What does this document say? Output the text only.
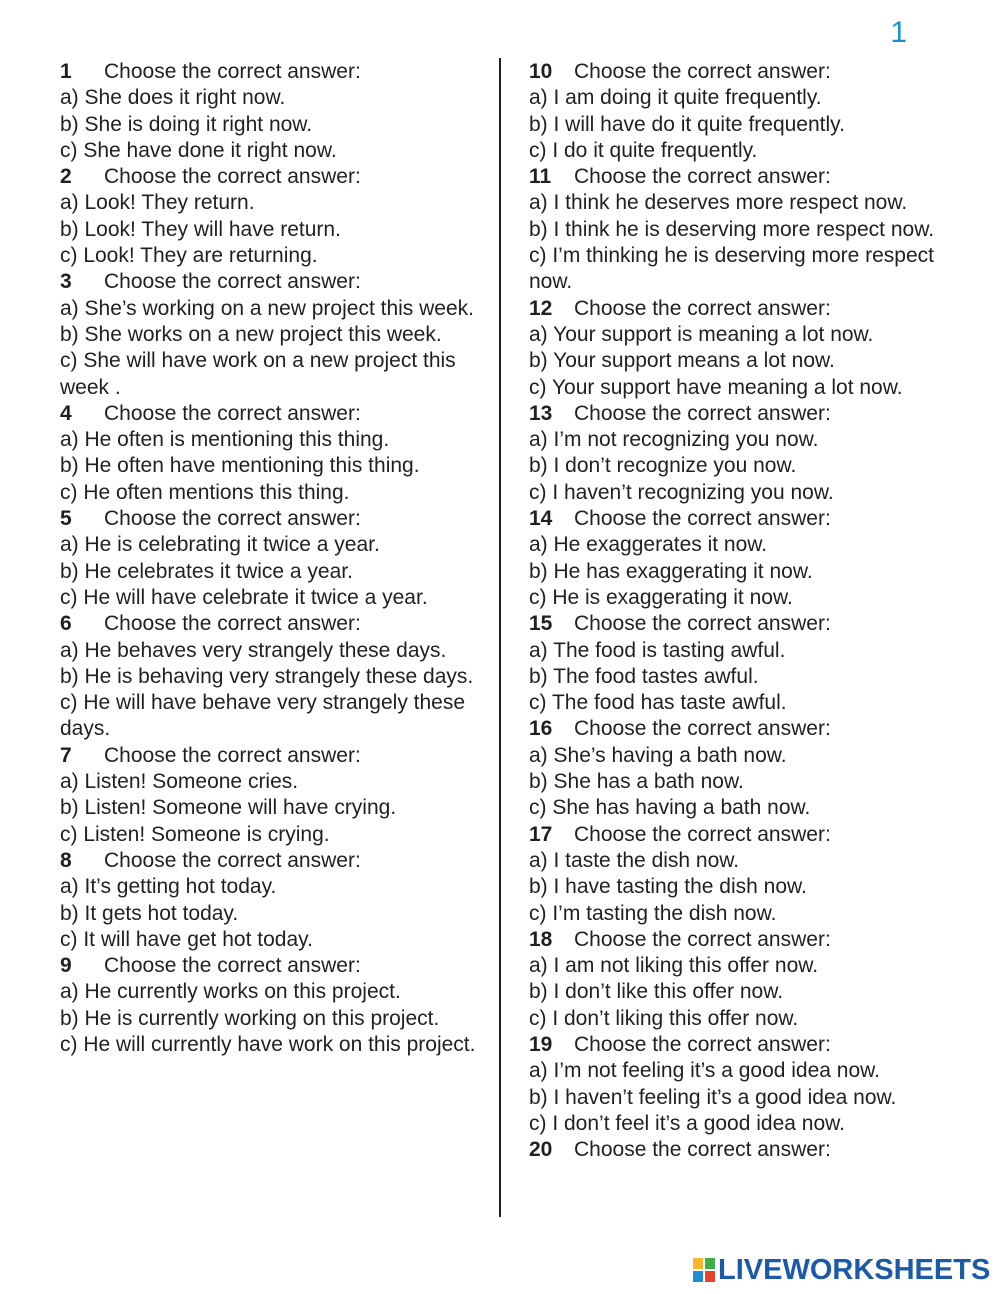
1
1 Choose the correct answer:
a) She does it right now.
b) She is doing it right now.
c) She have done it right now.
2 Choose the correct answer:
a) Look! They return.
b) Look! They will have return.
c) Look! They are returning.
3 Choose the correct answer:
a) She’s working on a new project this week.
b) She works on a new project this week.
c) She will have work on a new project this week .
4 Choose the correct answer:
a) He often is mentioning this thing.
b) He often have mentioning this thing.
c) He often mentions this thing.
5 Choose the correct answer:
a) He is celebrating it twice a year.
b) He celebrates it twice a year.
c) He will have celebrate it twice a year.
6 Choose the correct answer:
a) He behaves very strangely these days.
b) He is behaving very strangely these days.
c) He will have behave very strangely these days.
7 Choose the correct answer:
a) Listen! Someone cries.
b) Listen! Someone will have crying.
c) Listen! Someone is crying.
8 Choose the correct answer:
a) It’s getting hot today.
b) It gets hot today.
c) It will have get hot today.
9 Choose the correct answer:
a) He currently works on this project.
b) He is currently working on this project.
c) He will currently have work on this project.
10 Choose the correct answer:
a) I am doing it quite frequently.
b) I will have do it quite frequently.
c) I do it quite frequently.
11 Choose the correct answer:
a) I think he deserves more respect now.
b) I think he is deserving more respect now.
c) I’m thinking he is deserving more respect now.
12 Choose the correct answer:
a) Your support is meaning a lot now.
b) Your support means a lot now.
c) Your support have meaning a lot now.
13 Choose the correct answer:
a) I’m not recognizing you now.
b) I don’t recognize you now.
c) I haven’t recognizing you now.
14 Choose the correct answer:
a) He exaggerates it now.
b) He has exaggerating it now.
c) He is exaggerating it now.
15 Choose the correct answer:
a) The food is tasting awful.
b) The food tastes awful.
c) The food has taste awful.
16 Choose the correct answer:
a) She’s having a bath now.
b) She has a bath now.
c) She has having a bath now.
17 Choose the correct answer:
a) I taste the dish now.
b) I have tasting the dish now.
c) I’m tasting the dish now.
18 Choose the correct answer:
a) I am not liking this offer now.
b) I don’t like this offer now.
c) I don’t liking this offer now.
19 Choose the correct answer:
a) I’m not feeling it’s a good idea now.
b) I haven’t feeling it’s a good idea now.
c) I don’t feel it’s a good idea now.
20 Choose the correct answer:
LIVEWORKSHEETS
